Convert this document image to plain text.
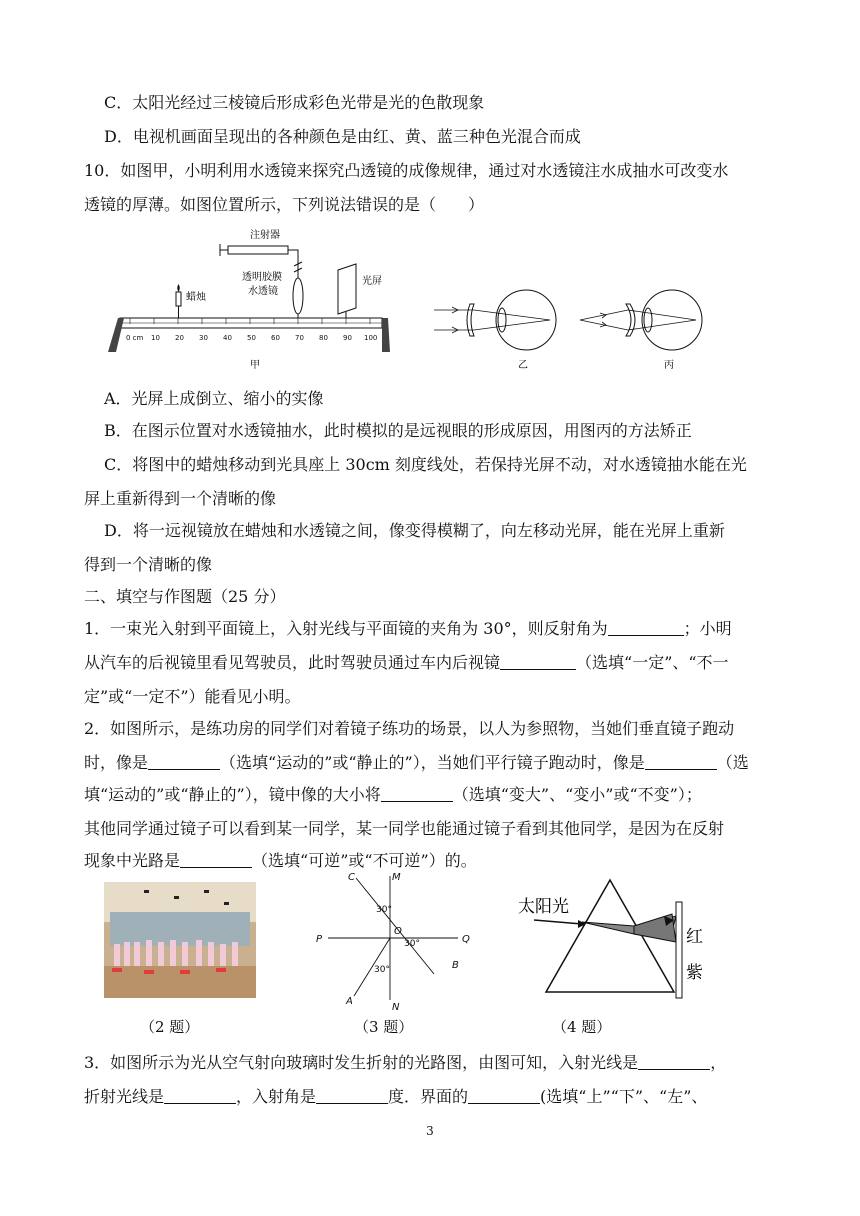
C．太阳光经过三棱镜后形成彩色光带是光的色散现象
D．电视机画面呈现出的各种颜色是由红、黄、蓝三种色光混合而成
10．如图甲，小明利用水透镜来探究凸透镜的成像规律，通过对水透镜注水成抽水可改变水
透镜的厚薄。如图位置所示，下列说法错误的是（　　）
0 cm 10 20 30 40 50 60 70 80 90 100
蜡烛
透明胶膜
水透镜
注射器
光屏
甲	乙	丙
A．光屏上成倒立、缩小的实像
B．在图示位置对水透镜抽水，此时模拟的是远视眼的形成原因，用图丙的方法矫正
C．将图中的蜡烛移动到光具座上 30cm 刻度线处，若保持光屏不动，对水透镜抽水能在光
屏上重新得到一个清晰的像
D．将一远视镜放在蜡烛和水透镜之间，像变得模糊了，向左移动光屏，能在光屏上重新
得到一个清晰的像
二、填空与作图题（25 分）
1．一束光入射到平面镜上，入射光线与平面镜的夹角为 30°，则反射角为	；小明
从汽车的后视镜里看见驾驶员，此时驾驶员通过车内后视镜	（选填“一定”、“不一
定”或“一定不”）能看见小明。
2．如图所示，是练功房的同学们对着镜子练功的场景，以人为参照物，当她们垂直镜子跑动
时，像是	（选填“运动的”或“静止的”），当她们平行镜子跑动时，像是	（选
填“运动的”或“静止的”），镜中像的大小将	（选填“变大”、“变小”或“不变”）；
其他同学通过镜子可以看到某一同学，某一同学也能通过镜子看到其他同学，是因为在反射
现象中光路是	（选填“可逆”或“不可逆”）的。
C	M
P
O
Q
A
N
B
30°
30°
30°
太阳光
红
紫
（2 题）	（3 题）	（4 题）
3．如图所示为光从空气射向玻璃时发生折射的光路图，由图可知，入射光线是	，
折射光线是	，入射角是	度．界面的	(选填“上”“下”、“左”、
3
